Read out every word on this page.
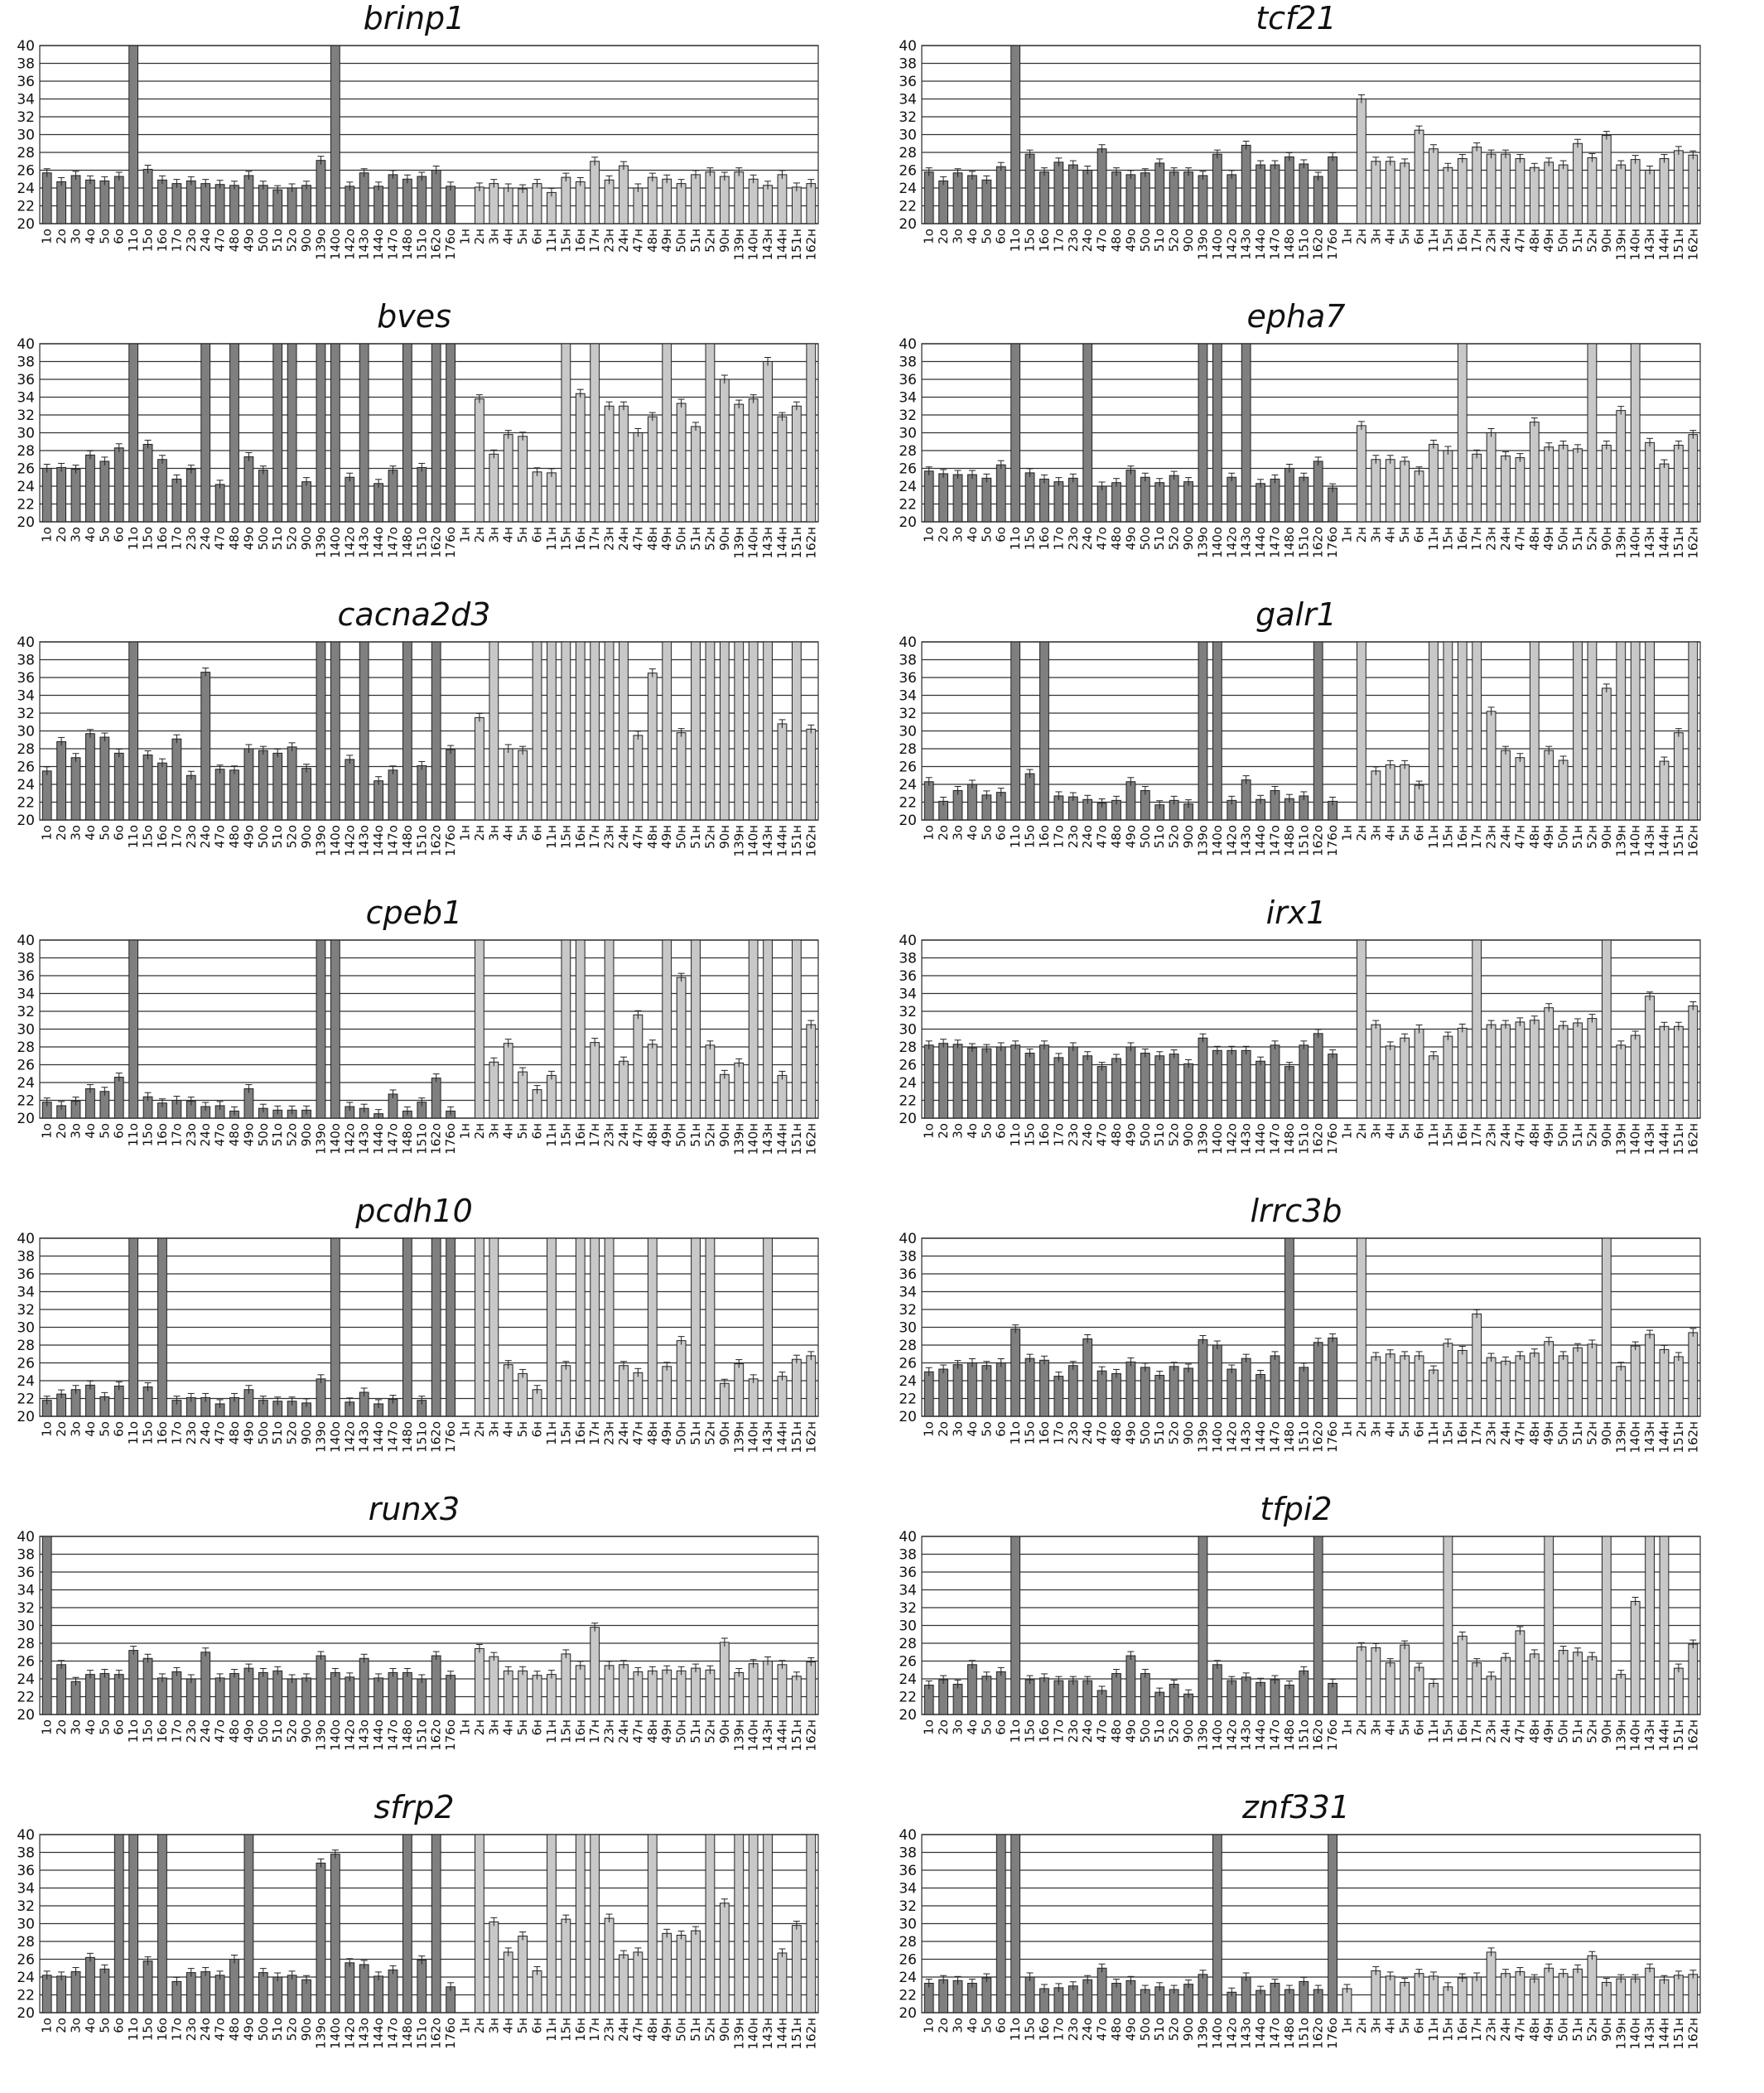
brinp1
20
22
24
26
28
30
32
34
36
38
40
1о 2о 3о 4о 5о 6о 11о 15о 16о 17о 23о 24о 47о 48о 49о 50о 51о 52о 90о 139о 140о 142о 143о 144о 147о 148о 151о 162о 176о 1н 2н 3н 4н 5н 6н 11н 15н 16н 17н 23н 24н 47н 48н 49н 50н 51н 52н 90н 139н 140н 143н 144н 151н 162н
tcf21
20
22
24
26
28
30
32
34
36
38
40
1о 2о 3о 4о 5о 6о 11о 15о 16о 17о 23о 24о 47о 48о 49о 50о 51о 52о 90о 139о 140о 142о 143о 144о 147о 148о 151о 162о 176о 1н 2н 3н 4н 5н 6н 11н 15н 16н 17н 23н 24н 47н 48н 49н 50н 51н 52н 90н 139н 140н 143н 144н 151н 162н
bves
20
22
24
26
28
30
32
34
36
38
40
1о 2о 3о 4о 5о 6о 11о 15о 16о 17о 23о 24о 47о 48о 49о 50о 51о 52о 90о 139о 140о 142о 143о 144о 147о 148о 151о 162о 176о 1н 2н 3н 4н 5н 6н 11н 15н 16н 17н 23н 24н 47н 48н 49н 50н 51н 52н 90н 139н 140н 143н 144н 151н 162н
epha7
20
22
24
26
28
30
32
34
36
38
40
1о 2о 3о 4о 5о 6о 11о 15о 16о 17о 23о 24о 47о 48о 49о 50о 51о 52о 90о 139о 140о 142о 143о 144о 147о 148о 151о 162о 176о 1н 2н 3н 4н 5н 6н 11н 15н 16н 17н 23н 24н 47н 48н 49н 50н 51н 52н 90н 139н 140н 143н 144н 151н 162н
cacna2d3
20
22
24
26
28
30
32
34
36
38
40
1о 2о 3о 4о 5о 6о 11о 15о 16о 17о 23о 24о 47о 48о 49о 50о 51о 52о 90о 139о 140о 142о 143о 144о 147о 148о 151о 162о 176о 1н 2н 3н 4н 5н 6н 11н 15н 16н 17н 23н 24н 47н 48н 49н 50н 51н 52н 90н 139н 140н 143н 144н 151н 162н
galr1
20
22
24
26
28
30
32
34
36
38
40
1о 2о 3о 4о 5о 6о 11о 15о 16о 17о 23о 24о 47о 48о 49о 50о 51о 52о 90о 139о 140о 142о 143о 144о 147о 148о 151о 162о 176о 1н 2н 3н 4н 5н 6н 11н 15н 16н 17н 23н 24н 47н 48н 49н 50н 51н 52н 90н 139н 140н 143н 144н 151н 162н
cpeb1
20
22
24
26
28
30
32
34
36
38
40
1о 2о 3о 4о 5о 6о 11о 15о 16о 17о 23о 24о 47о 48о 49о 50о 51о 52о 90о 139о 140о 142о 143о 144о 147о 148о 151о 162о 176о 1н 2н 3н 4н 5н 6н 11н 15н 16н 17н 23н 24н 47н 48н 49н 50н 51н 52н 90н 139н 140н 143н 144н 151н 162н
irx1
20
22
24
26
28
30
32
34
36
38
40
1о 2о 3о 4о 5о 6о 11о 15о 16о 17о 23о 24о 47о 48о 49о 50о 51о 52о 90о 139о 140о 142о 143о 144о 147о 148о 151о 162о 176о 1н 2н 3н 4н 5н 6н 11н 15н 16н 17н 23н 24н 47н 48н 49н 50н 51н 52н 90н 139н 140н 143н 144н 151н 162н
pcdh10
20
22
24
26
28
30
32
34
36
38
40
1о 2о 3о 4о 5о 6о 11о 15о 16о 17о 23о 24о 47о 48о 49о 50о 51о 52о 90о 139о 140о 142о 143о 144о 147о 148о 151о 162о 176о 1н 2н 3н 4н 5н 6н 11н 15н 16н 17н 23н 24н 47н 48н 49н 50н 51н 52н 90н 139н 140н 143н 144н 151н 162н
lrrc3b
20
22
24
26
28
30
32
34
36
38
40
1о 2о 3о 4о 5о 6о 11о 15о 16о 17о 23о 24о 47о 48о 49о 50о 51о 52о 90о 139о 140о 142о 143о 144о 147о 148о 151о 162о 176о 1н 2н 3н 4н 5н 6н 11н 15н 16н 17н 23н 24н 47н 48н 49н 50н 51н 52н 90н 139н 140н 143н 144н 151н 162н
runx3
20
22
24
26
28
30
32
34
36
38
40
1о 2о 3о 4о 5о 6о 11о 15о 16о 17о 23о 24о 47о 48о 49о 50о 51о 52о 90о 139о 140о 142о 143о 144о 147о 148о 151о 162о 176о 1н 2н 3н 4н 5н 6н 11н 15н 16н 17н 23н 24н 47н 48н 49н 50н 51н 52н 90н 139н 140н 143н 144н 151н 162н
tfpi2
20
22
24
26
28
30
32
34
36
38
40
1о 2о 3о 4о 5о 6о 11о 15о 16о 17о 23о 24о 47о 48о 49о 50о 51о 52о 90о 139о 140о 142о 143о 144о 147о 148о 151о 162о 176о 1н 2н 3н 4н 5н 6н 11н 15н 16н 17н 23н 24н 47н 48н 49н 50н 51н 52н 90н 139н 140н 143н 144н 151н 162н
sfrp2
20
22
24
26
28
30
32
34
36
38
40
1о 2о 3о 4о 5о 6о 11о 15о 16о 17о 23о 24о 47о 48о 49о 50о 51о 52о 90о 139о 140о 142о 143о 144о 147о 148о 151о 162о 176о 1н 2н 3н 4н 5н 6н 11н 15н 16н 17н 23н 24н 47н 48н 49н 50н 51н 52н 90н 139н 140н 143н 144н 151н 162н
znf331
20
22
24
26
28
30
32
34
36
38
40
1о 2о 3о 4о 5о 6о 11о 15о 16о 17о 23о 24о 47о 48о 49о 50о 51о 52о 90о 139о 140о 142о 143о 144о 147о 148о 151о 162о 176о 1н 2н 3н 4н 5н 6н 11н 15н 16н 17н 23н 24н 47н 48н 49н 50н 51н 52н 90н 139н 140н 143н 144н 151н 162н
